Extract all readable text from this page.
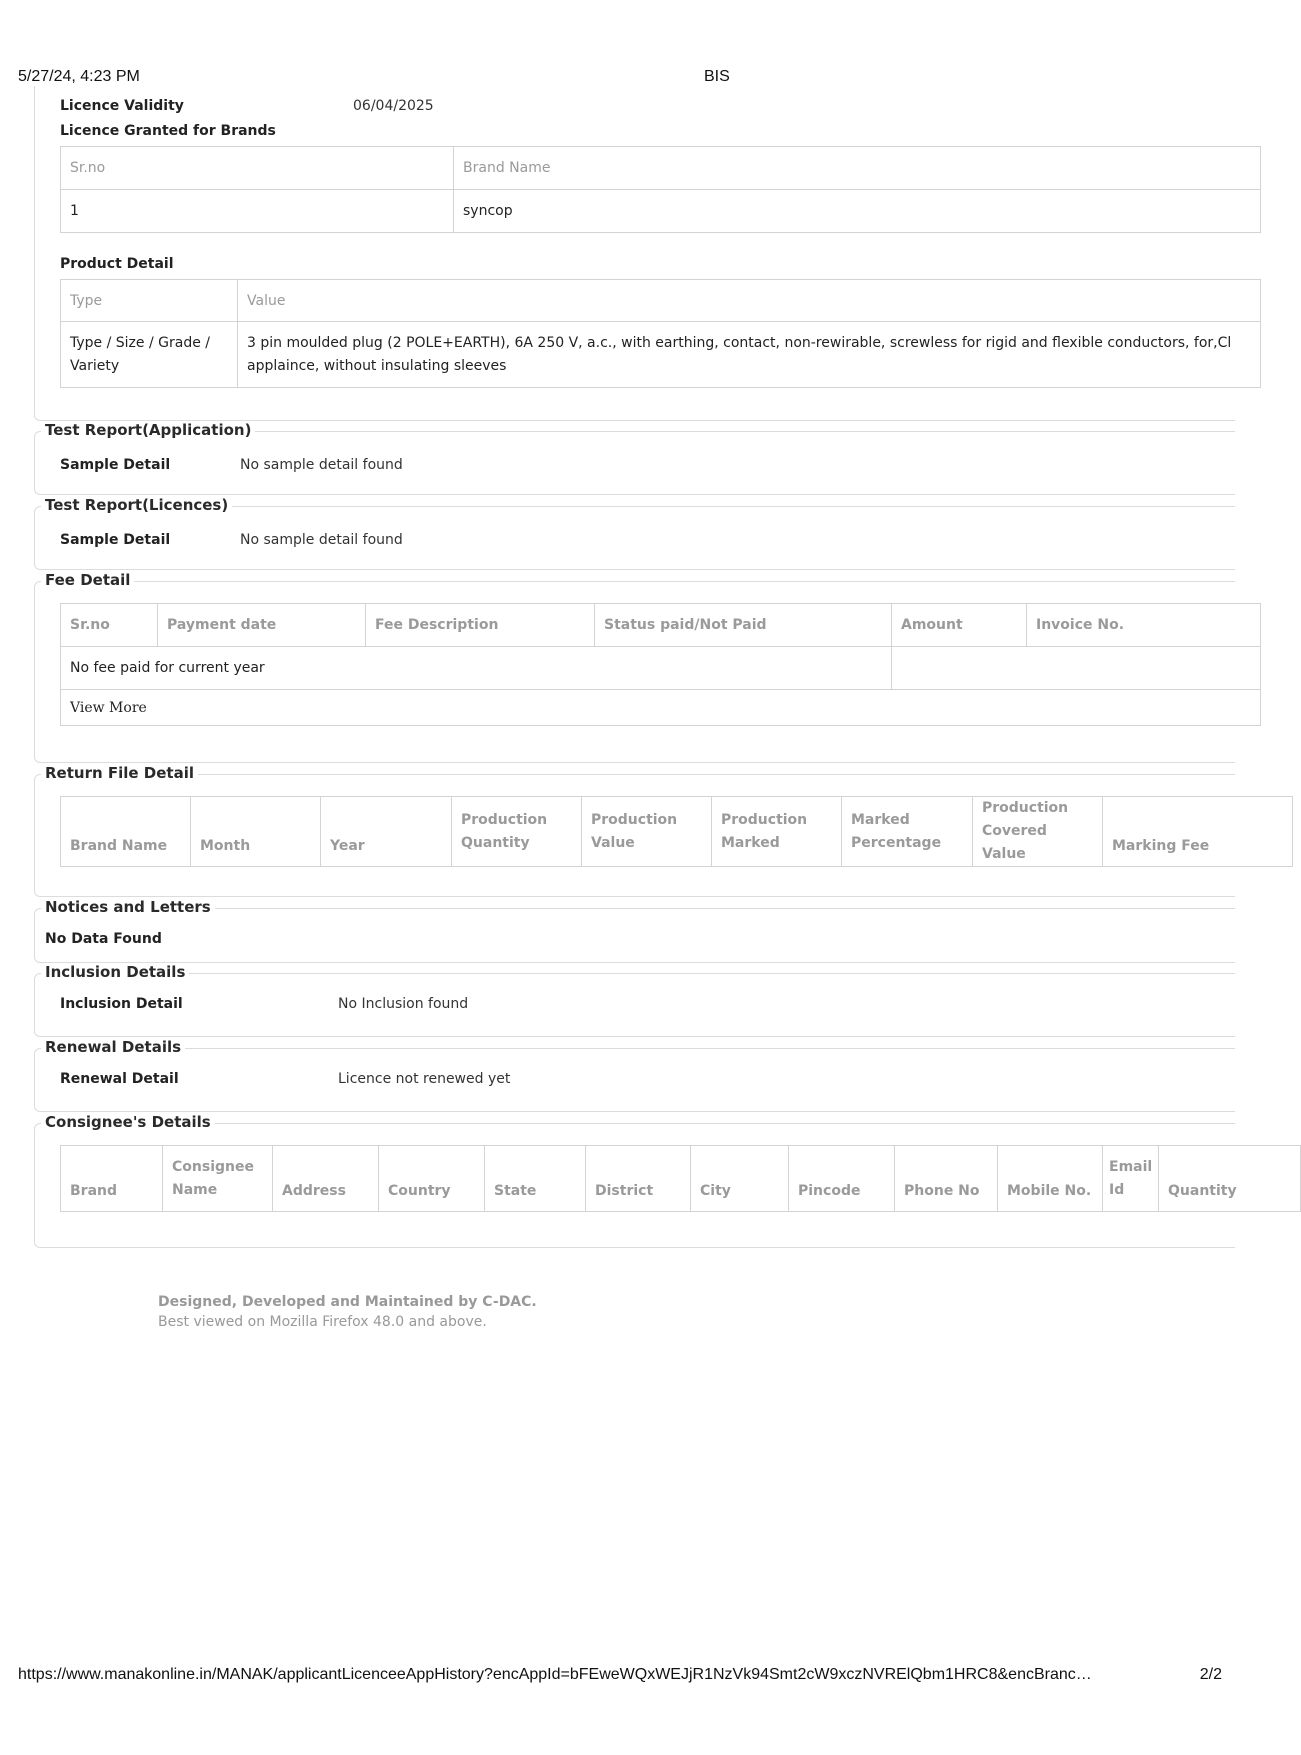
5/27/24, 4:23 PM	BIS
Licence Validity	06/04/2025
Licence Granted for Brands
Sr.no	Brand Name
1	syncop
Product Detail
Type	Value
Type / Size / Grade / Variety	3 pin moulded plug (2 POLE+EARTH), 6A 250 V, a.c., with earthing, contact, non-rewirable, screwless for rigid and flexible conductors, for,Cl applaince, without insulating sleeves
Test Report(Application)
Sample Detail	No sample detail found
Test Report(Licences)
Sample Detail	No sample detail found
Fee Detail
Sr.no	Payment date	Fee Description	Status paid/Not Paid	Amount	Invoice No.
No fee paid for current year					
View More					
Return File Detail
Brand Name	Month	Year	Production Quantity	Production Value	Production Marked	Marked Percentage	Production Covered Value	Marking Fee
Notices and Letters
No Data Found
Inclusion Details
Inclusion Detail	No Inclusion found
Renewal Details
Renewal Detail	Licence not renewed yet
Consignee's Details
Brand	Consignee Name	Address	Country	State	District	City	Pincode	Phone No	Mobile No.	Email Id	Quantity
Designed, Developed and Maintained by C-DAC.
Best viewed on Mozilla Firefox 48.0 and above.
https://www.manakonline.in/MANAK/applicantLicenceeAppHistory?encAppId=bFEweWQxWEJjR1NzVk94Smt2cW9xczNVRElQbm1HRC8&encBranc…	2/2
